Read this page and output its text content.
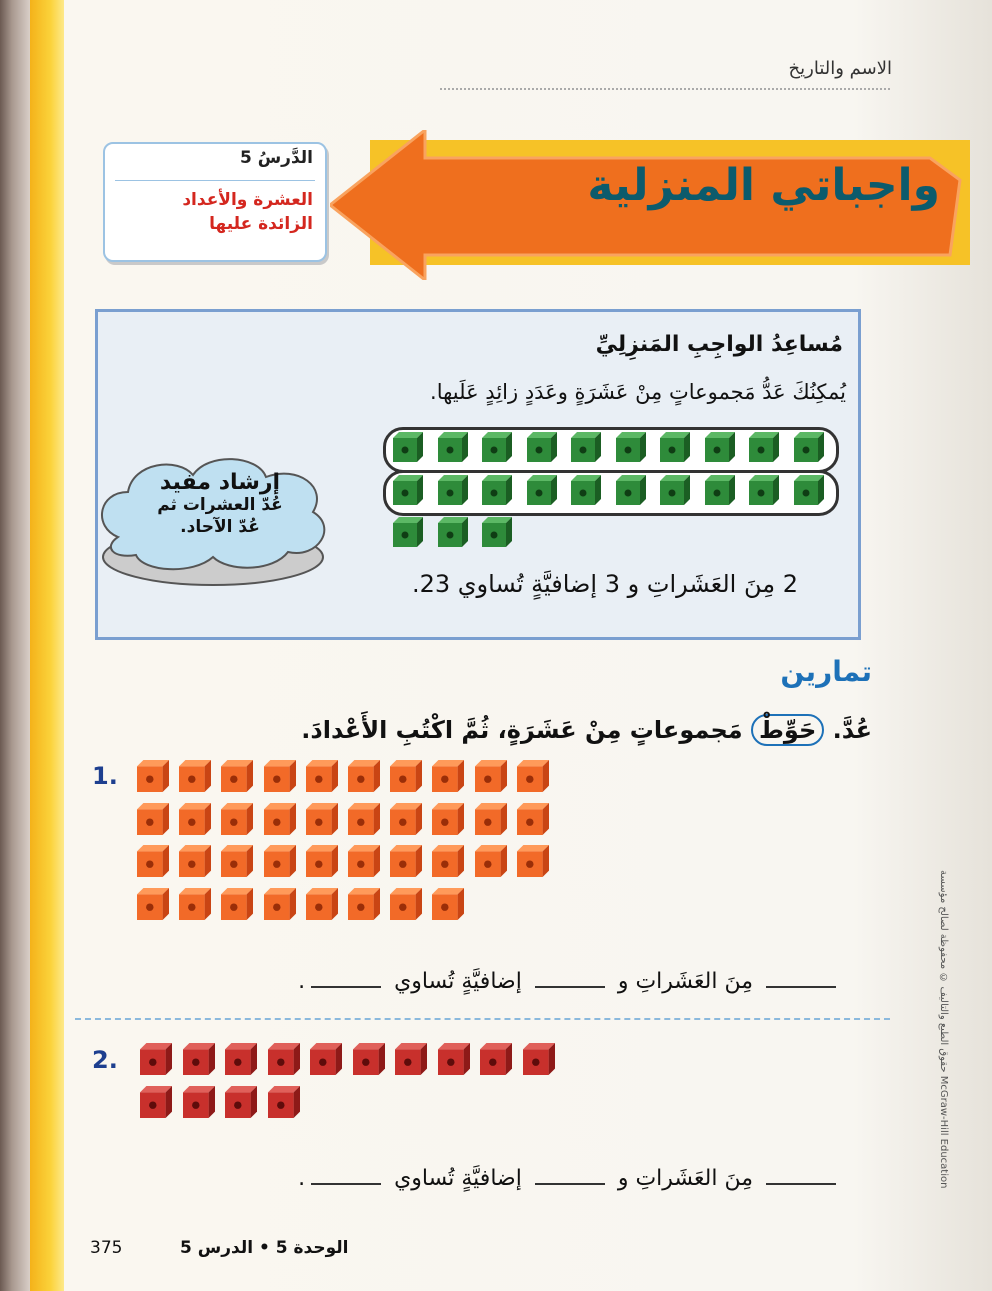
الاسم والتاريخ
واجباتي المنزلية
الدَّرسُ 5
العشرة والأعداد
الزائدة عليها
مُساعِدُ الواجِبِ المَنزِلِيِّ
يُمكِنُكَ عَدُّ مَجموعاتٍ مِنْ عَشَرَةٍ وعَدَدٍ زائِدٍ عَلَيها.
إرشاد مفيد
عُدّ العشرات ثم
عُدّ الآحاد.
2 مِنَ العَشَراتِ و 3 إضافيَّةٍ تُساوي 23.
تمارين
عُدَّ. حَوِّطْ مَجموعاتٍ مِنْ عَشَرَةٍ، ثُمَّ اكْتُبِ الأَعْدادَ.
1.
مِنَ العَشَراتِ و  إضافيَّةٍ تُساوي .
2.
مِنَ العَشَراتِ و  إضافيَّةٍ تُساوي .
375	الوحدة 5 • الدرس 5
حقوق الطبع والتأليف © محفوظة لصالح مؤسسة McGraw-Hill Education
